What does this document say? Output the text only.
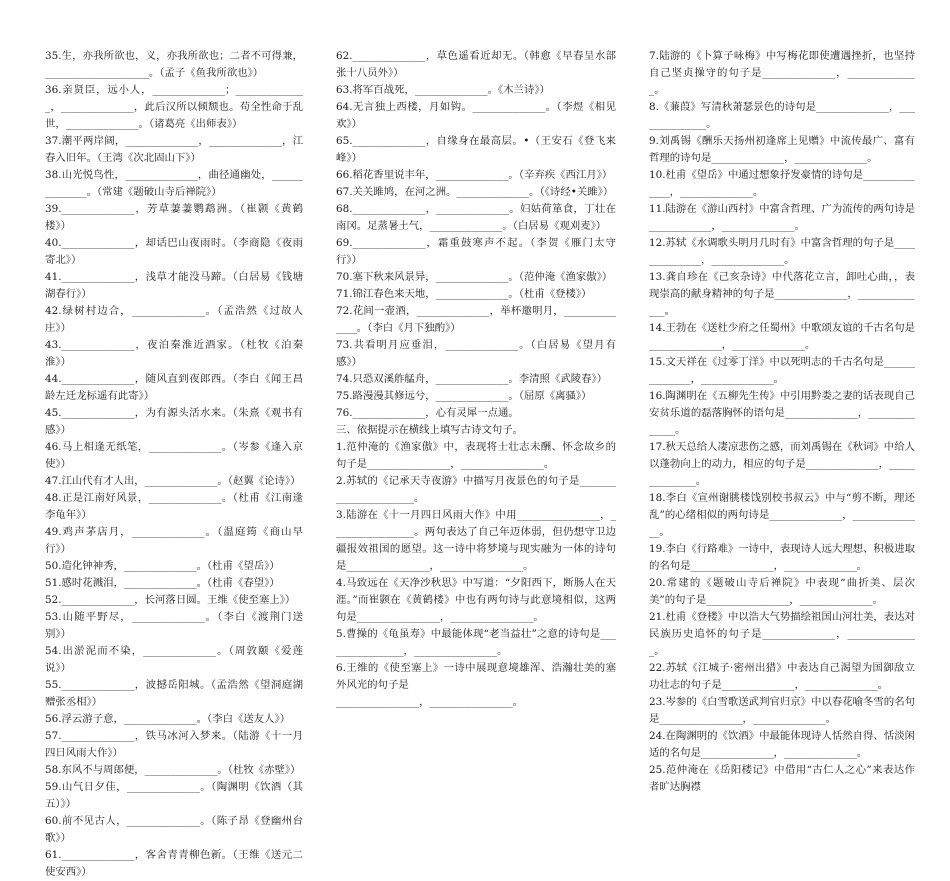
35.生，亦我所欲也，义，亦我所欲也；二者不可得兼，____________________。（孟子《鱼我所欲也》）

36.亲贤臣，远小人，______________；______________，______________，此后汉所以倾颓也。苟全性命于乱世，______________。（诸葛亮《出师表》）

37.潮平两岸阔，______________，______________，江春入旧年。（王湾《次北固山下》）

38.山光悦鸟性，______________，曲径通幽处，______________。（常建《题破山寺后禅院》）

39.______________，芳草萋萋鹦鹉洲。（崔颢《黄鹤楼》）

40.______________，却话巴山夜雨时。（李商隐《夜雨寄北》）

41.______________，浅草才能没马蹄。（白居易《钱塘湖春行》）

42.绿树村边合，______________。（孟浩然《过故人庄》）

43.______________，夜泊秦淮近酒家。（杜牧《泊秦淮》）

44.______________，随风直到夜郎西。（李白《闻王昌龄左迁龙标遥有此寄》）

45.______________，为有源头活水来。（朱熹《观书有感》）

46.马上相逢无纸笔，______________。（岑参《逢入京使》）

47.江山代有才人出，______________。（赵翼《论诗》）

48.正是江南好风景，______________。（杜甫《江南逢李龟年》）

49.鸡声茅店月，______________。（温庭筠《商山早行》）

50.造化钟神秀，______________。（杜甫《望岳》）

51.感时花溅泪，______________。（杜甫《春望》）

52.______________，长河落日圆。王维《使至塞上》）

53.山随平野尽，______________。（李白《渡荆门送别》）

54.出淤泥而不染，______________。（周敦颐《爱莲说》）

55.______________，波撼岳阳城。（孟浩然《望洞庭湖赠张丞相》）

56.浮云游子意，______________。（李白《送友人》）

57.______________，铁马冰河入梦来。（陆游《十一月四日风雨大作》）

58.东风不与周郎便，______________。（杜牧《赤壁》）

59.山气日夕佳，______________。（陶渊明《饮酒（其五）》）

60.前不见古人，______________。（陈子昂《登幽州台歌》）

61.______________，客舍青青柳色新。（王维《送元二使安西》）

62.______________，草色遥看近却无。（韩愈《早春呈水部张十八员外》）

63.将军百战死，______________。《木兰诗》）

64.无言独上西楼，月如钩。______________。（李煜《相见欢》）

65.______________，自缘身在最高层。•（王安石《登飞来峰》）

66.稻花香里说丰年，______________。（辛弃疾《西江月》）

67.关关雎鸠，在河之洲。______________。（《诗经•关雎》）

68.______________，______________。妇姑荷箪食，丁壮在南冈。足蒸暑土气，______________。（白居易《观刈麦》）

69.______________，霜重鼓寒声不起。（李贺《雁门太守行》）

70.塞下秋来风景异，______________。（范仲淹《渔家傲》）

71.锦江春色来天地，______________。（杜甫《登楼》）

72.花间一壶酒，______________，举杯邀明月，______________。（李白《月下独酌》）

73.共看明月应垂泪，______________。（白居易《望月有感》）

74.只恐双溪舴艋舟，______________。李清照《武陵春》）

75.路漫漫其修远兮，______________。（屈原《离骚》）

76.______________，心有灵犀一点通。

三、依据提示在横线上填写古诗文句子。

1.范仲淹的《渔家傲》中，表现将士壮志未酬、怀念故乡的句子是________________，________________。

2.苏轼的《记承天寺夜游》中描写月夜景色的句子是______________________。

3.陆游在《十一月四日风雨大作》中用________________，________________。两句表达了自己年迈体弱，但仍想守卫边疆报效祖国的愿望。这一诗中将梦境与现实融为一体的诗句是________________，________________。

4.马致远在《天净沙秋思》中写道：“夕阳西下，断肠人在天涯。”而崔颢在《黄鹤楼》中也有两句诗与此意境相似，这两句是________________，________________。

5.曹操的《龟虽寿》中最能体现“老当益壮”之意的诗句是________________，________________。

6.王维的《使至塞上》一诗中展现意境雄浑、浩瀚壮美的塞外风光的句子是

________________，________________。

7.陆游的《卜算子咏梅》中写梅花即使遭遇挫折，也坚持自己坚贞操守的句子是______________，______________。

8.《蒹葭》写清秋萧瑟景色的诗句是______________，______________。

9.刘禹锡《酬乐天扬州初逢席上见赠》中流传最广、富有哲理的诗句是______________，______________。

10.杜甫《望岳》中通过想象抒发豪情的诗句是______________，______________。

11.陆游在《游山西村》中富含哲理、广为流传的两句诗是____________，______________。

12.苏轼《水调歌头明月几时有》中富含哲理的句子是______________，______________。

13.龚自珍在《己亥杂诗》中代落花立言，卸吐心曲，，表现崇高的献身精神的句子是______________，______________。

14.王勃在《送杜少府之任蜀州》中歌颂友谊的千古名句是______________，______________。

15.文天祥在《过零丁洋》中以死明志的千古名句是______________，______________。

16.陶渊明在《五柳先生传》中引用黔娄之妻的话表现自己安贫乐道的磊落胸怀的语句是______________，______________。

17.秋天总给人凄凉悲伤之感，而刘禹锡在《秋词》中给人以蓬勃向上的动力，相应的句子是______________，______________。

18.李白《宣州谢朓楼饯别校书叔云》中与“剪不断，理还乱”的心绪相似的两句诗是______________，______________。

19.李白《行路难》一诗中，表现诗人远大理想、积极进取的名句是________________，______________。

20.常建的《题破山寺后禅院》中表现“曲折美、层次美”的句子是________________，______________。

21.杜甫《登楼》中以浩大气势描绘祖国山河壮美，表达对民族历史追怀的句子是______________，______________。

22.苏轼《江城子·密州出猎》中表达自己渴望为国御敌立功壮志的句子是______________，______________。

23.岑参的《白雪歌送武判官归京》中以春花喻冬雪的名句是________________，______________。

24.在陶渊明的《饮酒》中最能体现诗人恬然自得、恬淡闲适的名句是______________，______________。

25.范仲淹在《岳阳楼记》中借用“古仁人之心”来表达作者旷达胸襟
